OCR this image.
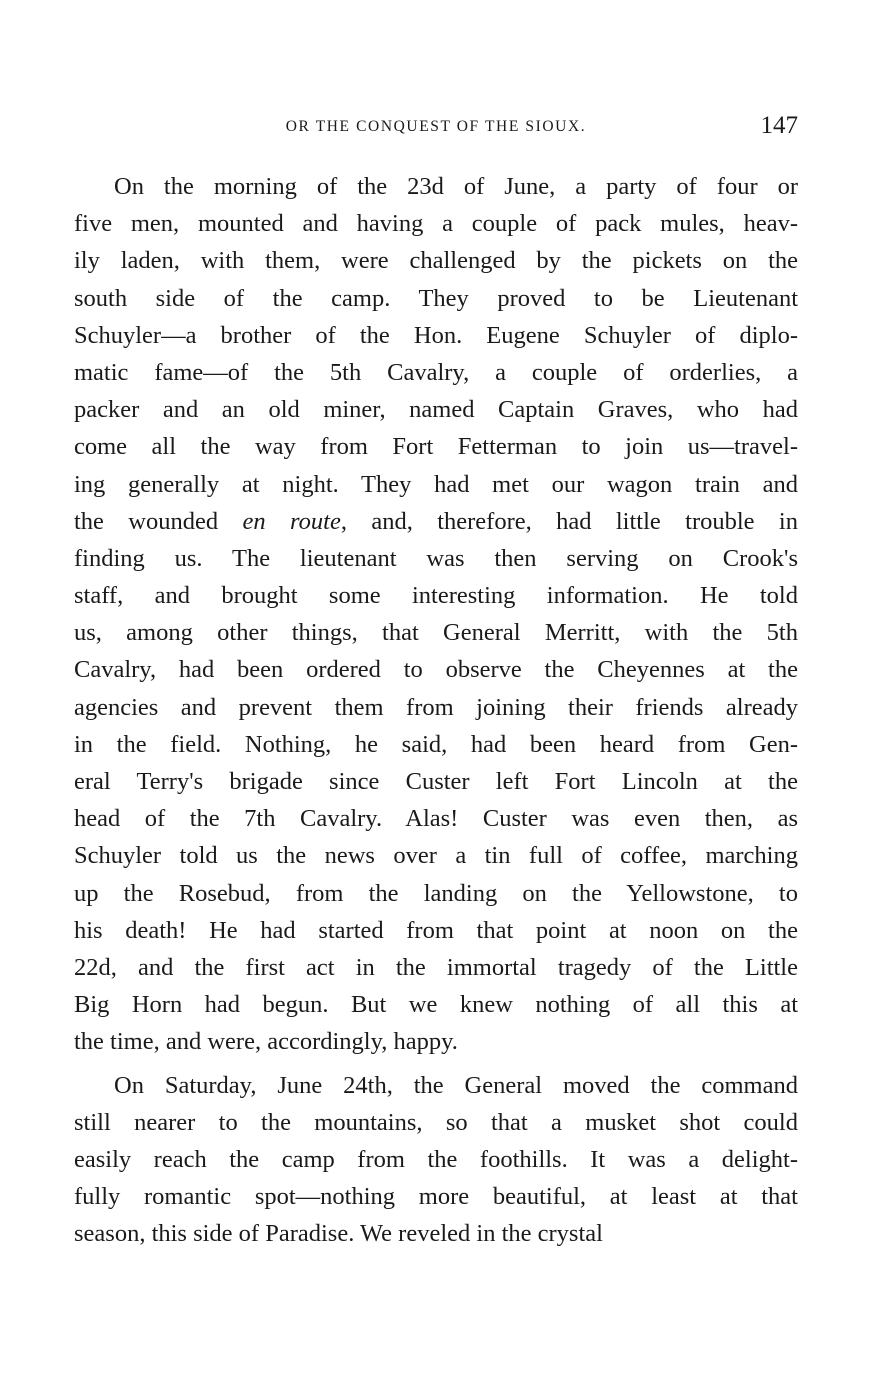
OR THE CONQUEST OF THE SIOUX.	147
On the morning of the 23d of June, a party of four or
five men, mounted and having a couple of pack mules, heav-
ily laden, with them, were challenged by the pickets on the
south side of the camp. They proved to be Lieutenant
Schuyler—a brother of the Hon. Eugene Schuyler of diplo-
matic fame—of the 5th Cavalry, a couple of orderlies, a
packer and an old miner, named Captain Graves, who had
come all the way from Fort Fetterman to join us—travel-
ing generally at night. They had met our wagon train and
the wounded en route, and, therefore, had little trouble in
finding us. The lieutenant was then serving on Crook's
staff, and brought some interesting information. He told
us, among other things, that General Merritt, with the 5th
Cavalry, had been ordered to observe the Cheyennes at the
agencies and prevent them from joining their friends already
in the field. Nothing, he said, had been heard from Gen-
eral Terry's brigade since Custer left Fort Lincoln at the
head of the 7th Cavalry. Alas! Custer was even then, as
Schuyler told us the news over a tin full of coffee, marching
up the Rosebud, from the landing on the Yellowstone, to
his death! He had started from that point at noon on the
22d, and the first act in the immortal tragedy of the Little
Big Horn had begun. But we knew nothing of all this at
the time, and were, accordingly, happy.
On Saturday, June 24th, the General moved the command
still nearer to the mountains, so that a musket shot could
easily reach the camp from the foothills. It was a delight-
fully romantic spot—nothing more beautiful, at least at that
season, this side of Paradise. We reveled in the crystal
